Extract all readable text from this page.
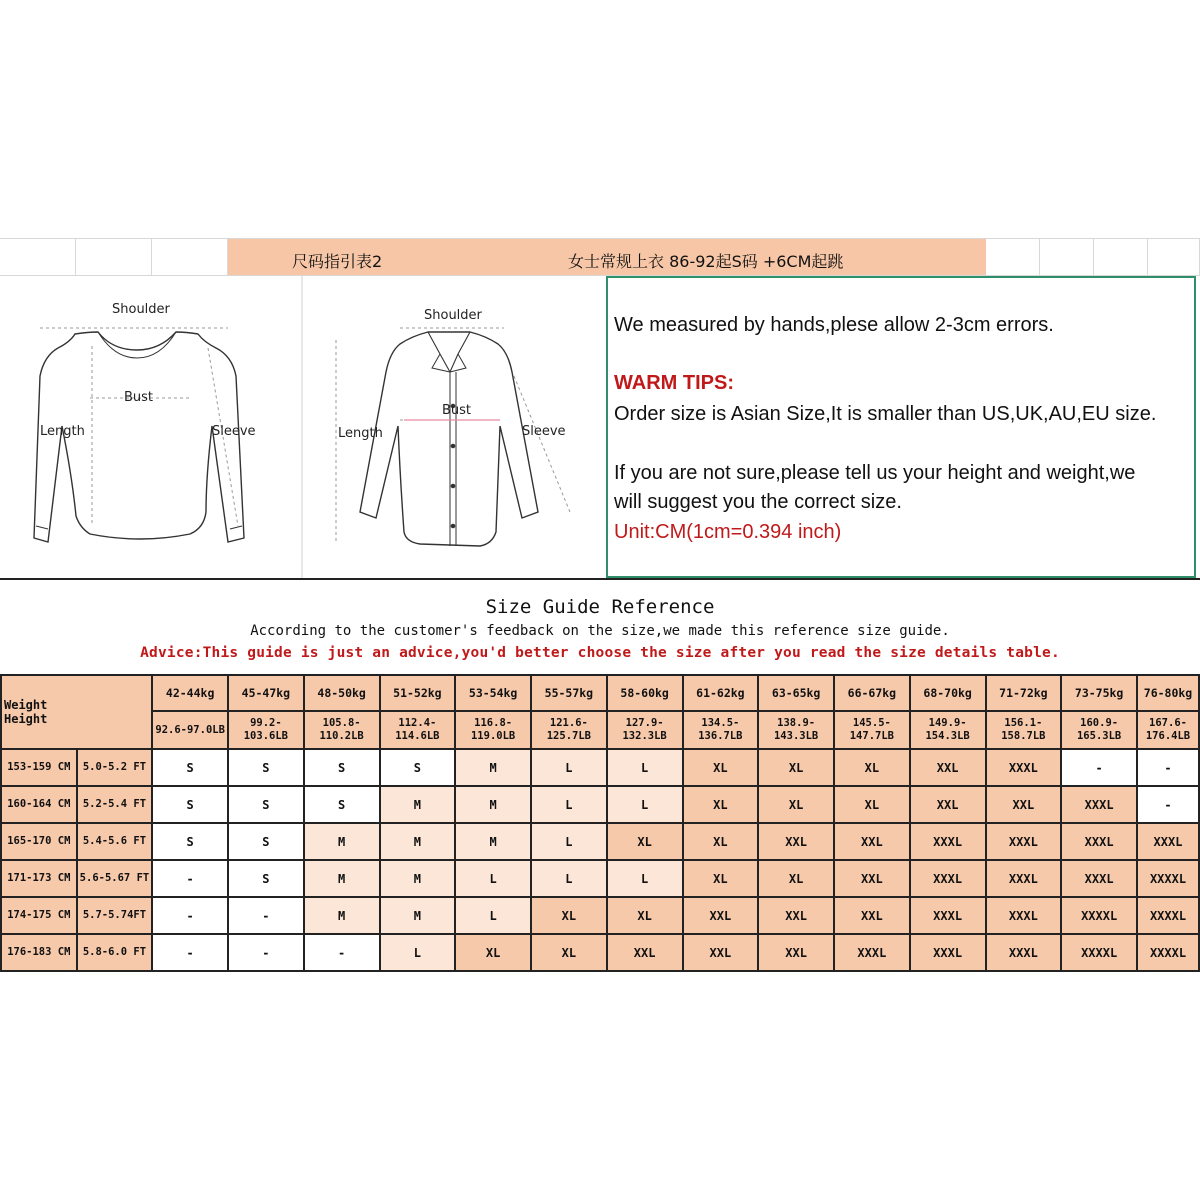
尺码指引表2	女士常规上衣 86-92起S码 +6CM起跳
Shoulder
Bust
Length	Sleeve
Shoulder
Bust
Length	Sleeve
We measured by hands,plese allow 2-3cm errors.
WARM TIPS:
Order size is Asian Size,It is smaller than US,UK,AU,EU size.
If you are not sure,please tell us your height and weight,we
will suggest you the correct size.
Unit:CM(1cm=0.394 inch)
Size Guide Reference
According to the customer's feedback on the size,we made this reference size guide.
Advice:This guide is just an advice,you'd better choose the size after you read the size details table.
Weight
Height		42-44kg	45-47kg	48-50kg	51-52kg	53-54kg	55-57kg	58-60kg	61-62kg	63-65kg	66-67kg	68-70kg	71-72kg	73-75kg	76-80kg
		92.6-97.0LB	99.2-103.6LB	105.8-110.2LB	112.4-114.6LB	116.8-119.0LB	121.6-125.7LB	127.9-132.3LB	134.5-136.7LB	138.9-143.3LB	145.5-147.7LB	149.9-154.3LB	156.1-158.7LB	160.9-165.3LB	167.6-176.4LB
153-159 CM	5.0-5.2 FT	S	S	S	S	M	L	L	XL	XL	XL	XXL	XXXL	-	-
160-164 CM	5.2-5.4 FT	S	S	S	M	M	L	L	XL	XL	XL	XXL	XXL	XXXL	-
165-170 CM	5.4-5.6 FT	S	S	M	M	M	L	XL	XL	XXL	XXL	XXXL	XXXL	XXXL	XXXL
171-173 CM	5.6-5.67 FT	-	S	M	M	L	L	L	XL	XL	XXL	XXXL	XXXL	XXXL	XXXXL
174-175 CM	5.7-5.74FT	-	-	M	M	L	XL	XL	XXL	XXL	XXL	XXXL	XXXL	XXXXL	XXXXL
176-183 CM	5.8-6.0 FT	-	-	-	L	XL	XL	XXL	XXL	XXL	XXXL	XXXL	XXXL	XXXXL	XXXXL
